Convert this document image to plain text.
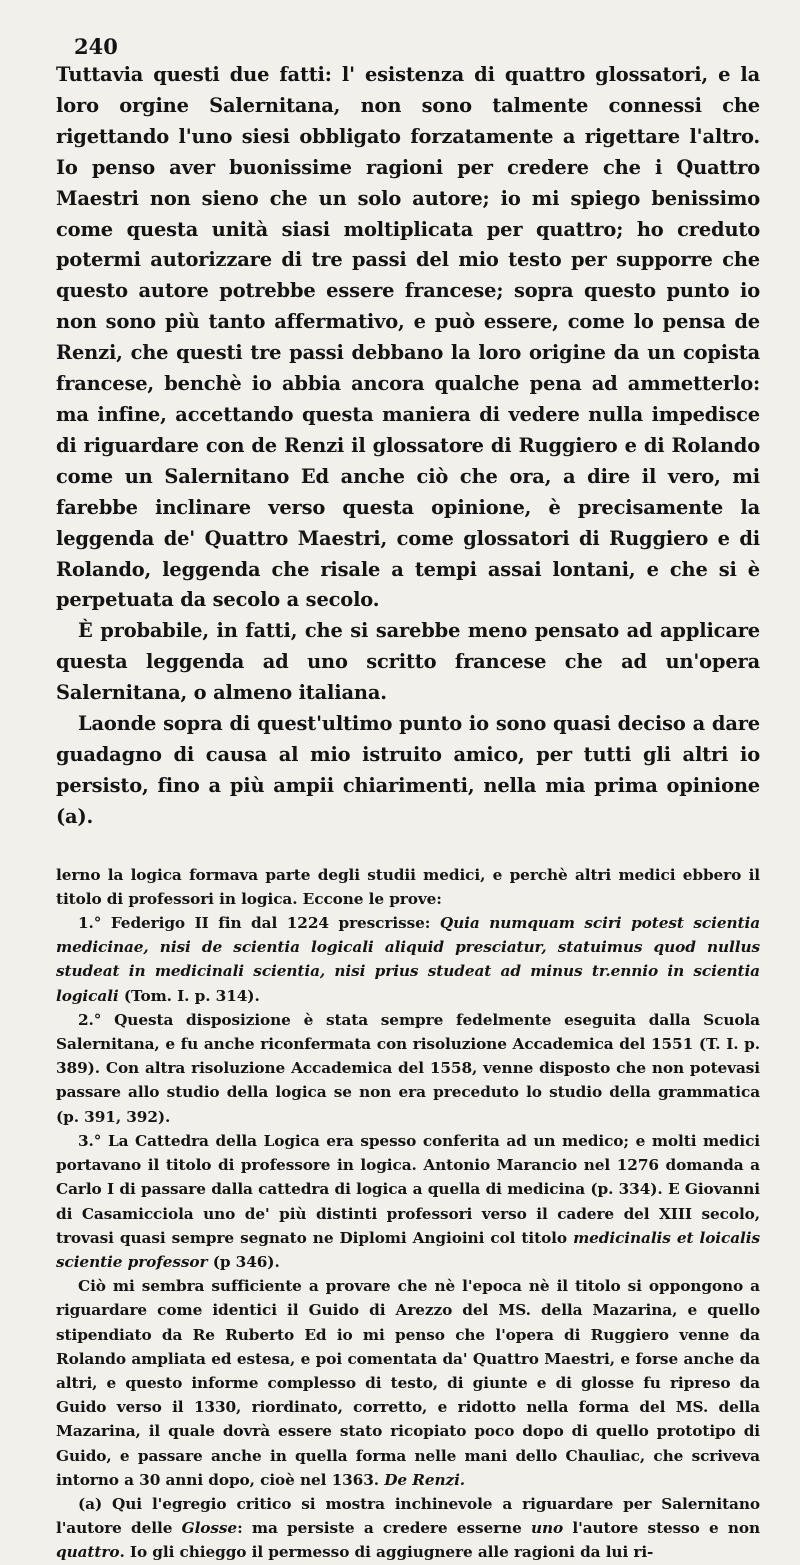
240

Tuttavia questi due fatti: l' esistenza di quattro glossatori, e la loro orgine Salernitana, non sono talmente connessi che rigettando l'uno siesi obbligato forzatamente a rigettare l'altro. Io penso aver buonissime ragioni per credere che i Quattro Maestri non sieno che un solo autore; io mi spiego benissimo come questa unità siasi moltiplicata per quattro; ho creduto potermi autorizzare di tre passi del mio testo per supporre che questo autore potrebbe essere francese; sopra questo punto io non sono più tanto affermativo, e può essere, come lo pensa de Renzi, che questi tre passi debbano la loro origine da un copista francese, benchè io abbia ancora qualche pena ad ammetterlo: ma infine, accettando questa maniera di vedere nulla impedisce di riguardare con de Renzi il glossatore di Ruggiero e di Rolando come un Salernitano Ed anche ciò che ora, a dire il vero, mi farebbe inclinare verso questa opinione, è precisamente la leggenda de' Quattro Maestri, come glossatori di Ruggiero e di Rolando, leggenda che risale a tempi assai lontani, e che si è perpetuata da secolo a secolo.

È probabile, in fatti, che si sarebbe meno pensato ad applicare questa leggenda ad uno scritto francese che ad un'opera Salernitana, o almeno italiana.

Laonde sopra di quest'ultimo punto io sono quasi deciso a dare guadagno di causa al mio istruito amico, per tutti gli altri io persisto, fino a più ampii chiarimenti, nella mia prima opinione (a).

lerno la logica formava parte degli studii medici, e perchè altri medici ebbero il titolo di professori in logica. Eccone le prove:

1.° Federigo II fin dal 1224 prescrisse: Quia numquam sciri potest scientia medicinae, nisi de scientia logicali aliquid presciatur, statuimus quod nullus studeat in medicinali scientia, nisi prius studeat ad minus tr.ennio in scientia logicali (Tom. I. p. 314).

2.° Questa disposizione è stata sempre fedelmente eseguita dalla Scuola Salernitana, e fu anche riconfermata con risoluzione Accademica del 1551 (T. I. p. 389). Con altra risoluzione Accademica del 1558, venne disposto che non potevasi passare allo studio della logica se non era preceduto lo studio della grammatica (p. 391, 392).

3.° La Cattedra della Logica era spesso conferita ad un medico; e molti medici portavano il titolo di professore in logica. Antonio Marancio nel 1276 domanda a Carlo I di passare dalla cattedra di logica a quella di medicina (p. 334). E Giovanni di Casamicciola uno de' più distinti professori verso il cadere del XIII secolo, trovasi quasi sempre segnato ne Diplomi Angioini col titolo medicinalis et loicalis scientie professor (p 346).

Ciò mi sembra sufficiente a provare che nè l'epoca nè il titolo si oppongono a riguardare come identici il Guido di Arezzo del MS. della Mazarina, e quello stipendiato da Re Ruberto Ed io mi penso che l'opera di Ruggiero venne da Rolando ampliata ed estesa, e poi comentata da' Quattro Maestri, e forse anche da altri, e questo informe complesso di testo, di giunte e di glosse fu ripreso da Guido verso il 1330, riordinato, corretto, e ridotto nella forma del MS. della Mazarina, il quale dovrà essere stato ricopiato poco dopo di quello prototipo di Guido, e passare anche in quella forma nelle mani dello Chauliac, che scriveva intorno a 30 anni dopo, cioè nel 1363. De Renzi.

(a) Qui l'egregio critico si mostra inchinevole a riguardare per Salernitano l'autore delle Glosse: ma persiste a credere esserne uno l'autore stesso e non quattro. Io gli chieggo il permesso di aggiugnere alle ragioni da lui ri-
